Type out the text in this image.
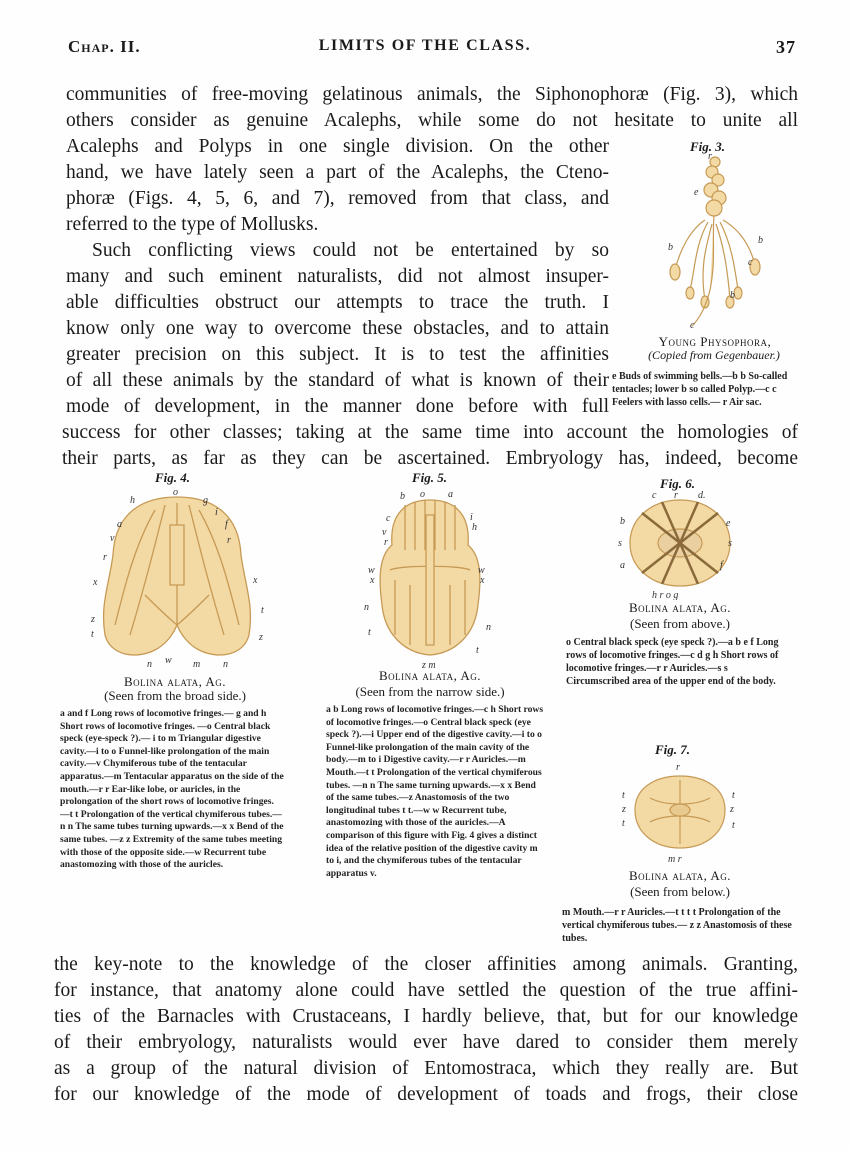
Chap. II.	LIMITS OF THE CLASS.	37
communities of free-moving gelatinous animals, the Siphonophoræ (Fig. 3), which
others consider as genuine Acalephs, while some do not hesitate to unite all
Acalephs and Polyps in one single division. On the other
hand, we have lately seen a part of the Acalephs, the Cteno-
phoræ (Figs. 4, 5, 6, and 7), removed from that class, and
referred to the type of Mollusks.
Such conflicting views could not be entertained by so
many and such eminent naturalists, did not almost insuper-
able difficulties obstruct our attempts to trace the truth. I
know only one way to overcome these obstacles, and to attain
greater precision on this subject. It is to test the affinities
of all these animals by the standard of what is known of their
mode of development, in the manner done before with full
success for other classes; taking at the same time into account the homologies of
their parts, as far as they can be ascertained. Embryology has, indeed, become
Fig. 3.
r
e
b
b
c
b
c
Young Physophora,
(Copied from Gegenbauer.)
e Buds of swimming bells.—b b So-called tentacles; lower b so called Polyp.—c c Feelers with lasso cells.— r Air sac.
Fig. 4.
o
h	g
i
a	f
v	r
r
x	x
z
t
t	z
n w m n
Bolina alata, Ag.
(Seen from the broad side.)
a and f Long rows of locomotive fringes.— g and h Short rows of locomotive fringes. —o Central black speck (eye-speck ?).— i to m Triangular digestive cavity.—i to o Funnel-like prolongation of the main cavity.—v Chymiferous tube of the tentacular apparatus.—m Tentacular apparatus on the side of the mouth.—r r Ear-like lobe, or auricles, in the prolongation of the short rows of locomotive fringes. —t t Prolongation of the vertical chymiferous tubes.—n n The same tubes turning upwards.—x x Bend of the same tubes. —z z Extremity of the same tubes meeting with those of the opposite side.—w Recurrent tube anastomozing with those of the auricles.
Fig. 5.
b o a
c	i
v	h
r
w	w
x	x
n
n
t
t
z m
Bolina alata, Ag.
(Seen from the narrow side.)
a b Long rows of locomotive fringes.—c h Short rows of locomotive fringes.—o Central black speck (eye speck ?).—i Upper end of the digestive cavity.—i to o Funnel-like prolongation of the main cavity of the body.—m to i Digestive cavity.—r r Auricles.—m Mouth.—t t Prolongation of the vertical chymiferous tubes. —n n The same turning upwards.—x x Bend of the same tubes.—z Anastomosis of the two longitudinal tubes t t.—w w Recurrent tube, anastomozing with those of the auricles.—A comparison of this figure with Fig. 4 gives a distinct idea of the relative position of the digestive cavity m to i, and the chymiferous tubes of the tentacular apparatus v.
Fig. 6.
c r d.
b	e
s	s
a	f
h r o g
Bolina alata, Ag.
(Seen from above.)
o Central black speck (eye speck ?).—a b e f Long rows of locomotive fringes.—c d g h Short rows of locomotive fringes.—r r Auricles.—s s Circumscribed area of the upper end of the body.
Fig. 7.
r
t	t
z	z
t	t
m r
Bolina alata, Ag.
(Seen from below.)
m Mouth.—r r Auricles.—t t t t Prolongation of the vertical chymiferous tubes.— z z Anastomosis of these tubes.
the key-note to the knowledge of the closer affinities among animals. Granting,
for instance, that anatomy alone could have settled the question of the true affini-
ties of the Barnacles with Crustaceans, I hardly believe, that, but for our knowledge
of their embryology, naturalists would ever have dared to consider them merely
as a group of the natural division of Entomostraca, which they really are. But
for our knowledge of the mode of development of toads and frogs, their close
